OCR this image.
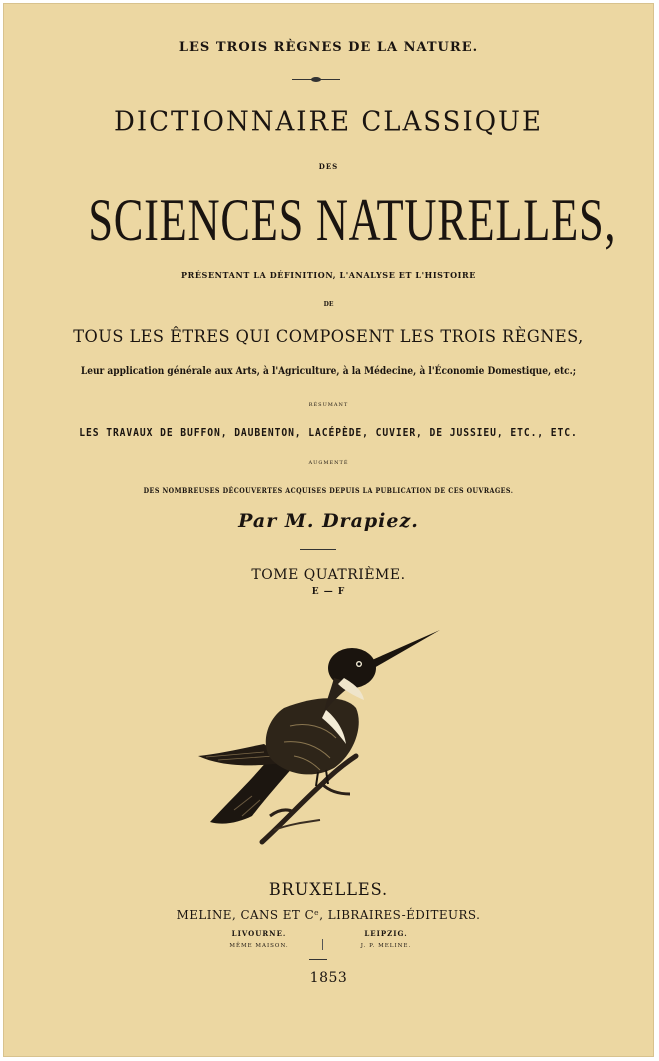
LES TROIS RÈGNES DE LA NATURE.
DICTIONNAIRE CLASSIQUE
DES
SCIENCES NATURELLES,
PRÉSENTANT LA DÉFINITION, L'ANALYSE ET L'HISTOIRE
DE
TOUS LES ÊTRES QUI COMPOSENT LES TROIS RÈGNES,
Leur application générale aux Arts, à l'Agriculture, à la Médecine, à l'Économie Domestique, etc.;
RÉSUMANT
LES TRAVAUX DE BUFFON, DAUBENTON, LACÉPÈDE, CUVIER, DE JUSSIEU, ETC., ETC.
AUGMENTÉ
DES NOMBREUSES DÉCOUVERTES ACQUISES DEPUIS LA PUBLICATION DE CES OUVRAGES.
Par M. Drapiez.
TOME QUATRIÈME.
E — F
BRUXELLES.
MELINE, CANS ET Cᵉ, LIBRAIRES-ÉDITEURS.
LIVOURNE.
MÊME MAISON.
LEIPZIG.
J. P. MELINE.
1853
